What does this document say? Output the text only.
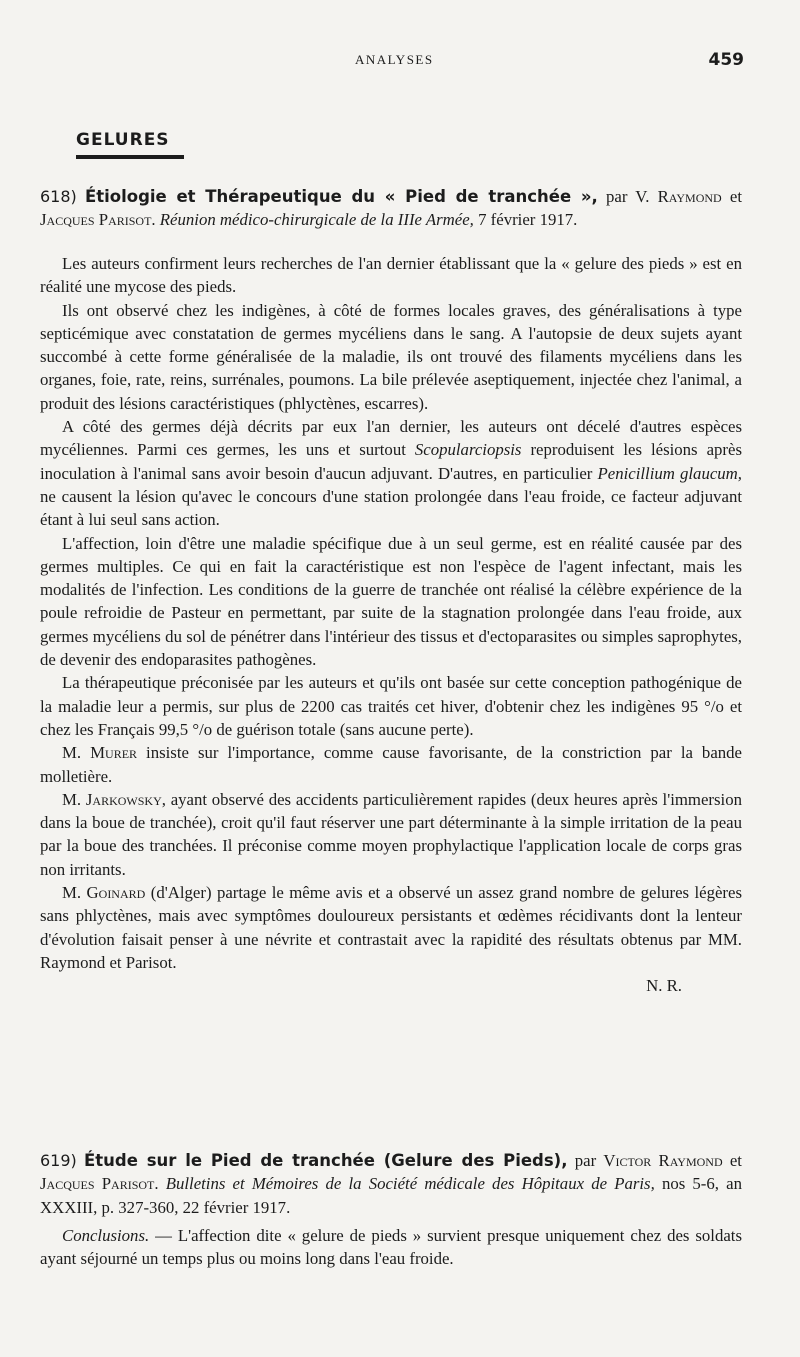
ANALYSES	459
GELURES
618) Étiologie et Thérapeutique du « Pied de tranchée », par V. Raymond et Jacques Parisot. Réunion médico-chirurgicale de la IIIe Armée, 7 février 1917.

Les auteurs confirment leurs recherches de l'an dernier établissant que la « gelure des pieds » est en réalité une mycose des pieds.

Ils ont observé chez les indigènes, à côté de formes locales graves, des généralisations à type septicémique avec constatation de germes mycéliens dans le sang. A l'autopsie de deux sujets ayant succombé à cette forme généralisée de la maladie, ils ont trouvé des filaments mycéliens dans les organes, foie, rate, reins, surrénales, poumons. La bile prélevée aseptiquement, injectée chez l'animal, a produit des lésions caractéristiques (phlyctènes, escarres).

A côté des germes déjà décrits par eux l'an dernier, les auteurs ont décelé d'autres espèces mycéliennes. Parmi ces germes, les uns et surtout Scopularciopsis reproduisent les lésions après inoculation à l'animal sans avoir besoin d'aucun adjuvant. D'autres, en particulier Penicillium glaucum, ne causent la lésion qu'avec le concours d'une station prolongée dans l'eau froide, ce facteur adjuvant étant à lui seul sans action.

L'affection, loin d'être une maladie spécifique due à un seul germe, est en réalité causée par des germes multiples. Ce qui en fait la caractéristique est non l'espèce de l'agent infectant, mais les modalités de l'infection. Les conditions de la guerre de tranchée ont réalisé la célèbre expérience de la poule refroidie de Pasteur en permettant, par suite de la stagnation prolongée dans l'eau froide, aux germes mycéliens du sol de pénétrer dans l'intérieur des tissus et d'ectoparasites ou simples saprophytes, de devenir des endoparasites pathogènes.

La thérapeutique préconisée par les auteurs et qu'ils ont basée sur cette conception pathogénique de la maladie leur a permis, sur plus de 2200 cas traités cet hiver, d'obtenir chez les indigènes 95 °/o et chez les Français 99,5 °/o de guérison totale (sans aucune perte).

M. Murer insiste sur l'importance, comme cause favorisante, de la constriction par la bande molletière.

M. Jarkowsky, ayant observé des accidents particulièrement rapides (deux heures après l'immersion dans la boue de tranchée), croit qu'il faut réserver une part déterminante à la simple irritation de la peau par la boue des tranchées. Il préconise comme moyen prophylactique l'application locale de corps gras non irritants.

M. Goinard (d'Alger) partage le même avis et a observé un assez grand nombre de gelures légères sans phlyctènes, mais avec symptômes douloureux persistants et œdèmes récidivants dont la lenteur d'évolution faisait penser à une névrite et contrastait avec la rapidité des résultats obtenus par MM. Raymond et Parisot.

N. R.

619) Étude sur le Pied de tranchée (Gelure des Pieds), par Victor Raymond et Jacques Parisot. Bulletins et Mémoires de la Société médicale des Hôpitaux de Paris, nos 5-6, an XXXIII, p. 327-360, 22 février 1917.

Conclusions. — L'affection dite « gelure de pieds » survient presque uniquement chez des soldats ayant séjourné un temps plus ou moins long dans l'eau froide.
